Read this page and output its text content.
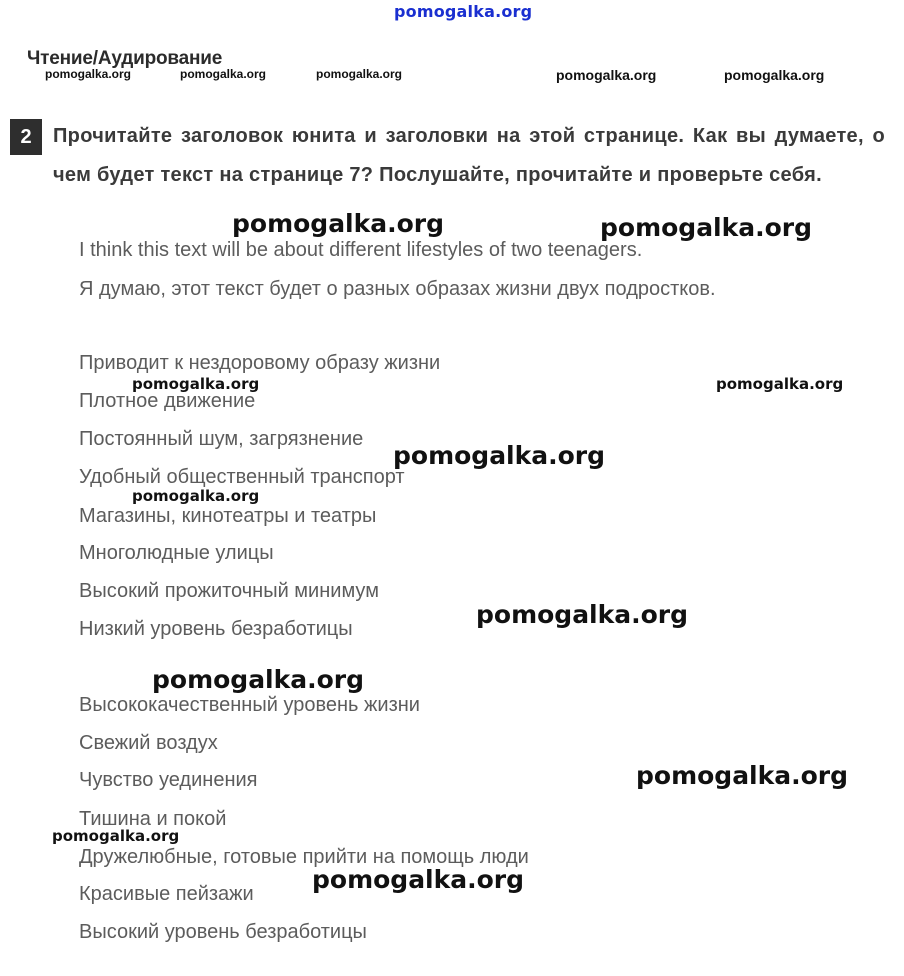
pomogalka.org
Чтение/Аудирование
pomogalka.org	pomogalka.org	pomogalka.org	pomogalka.org	pomogalka.org
2	Прочитайте заголовок юнита и заголовки на этой странице. Как вы думаете, о чем будет текст на странице 7? Послушайте, прочитайте и проверьте себя.
I think this text will be about different lifestyles of two teenagers.
Я думаю, этот текст будет о разных образах жизни двух подростков.
Приводит к нездоровому образу жизни
Плотное движение
Постоянный шум, загрязнение
Удобный общественный транспорт
Магазины, кинотеатры и театры
Многолюдные улицы
Высокий прожиточный минимум
Низкий уровень безработицы
Высококачественный уровень жизни
Свежий воздух
Чувство уединения
Тишина и покой
Дружелюбные, готовые прийти на помощь люди
Красивые пейзажи
Высокий уровень безработицы
pomogalka.org	pomogalka.org
pomogalka.org	pomogalka.org
pomogalka.org
pomogalka.org
pomogalka.org
pomogalka.org
pomogalka.org
pomogalka.org
pomogalka.org
